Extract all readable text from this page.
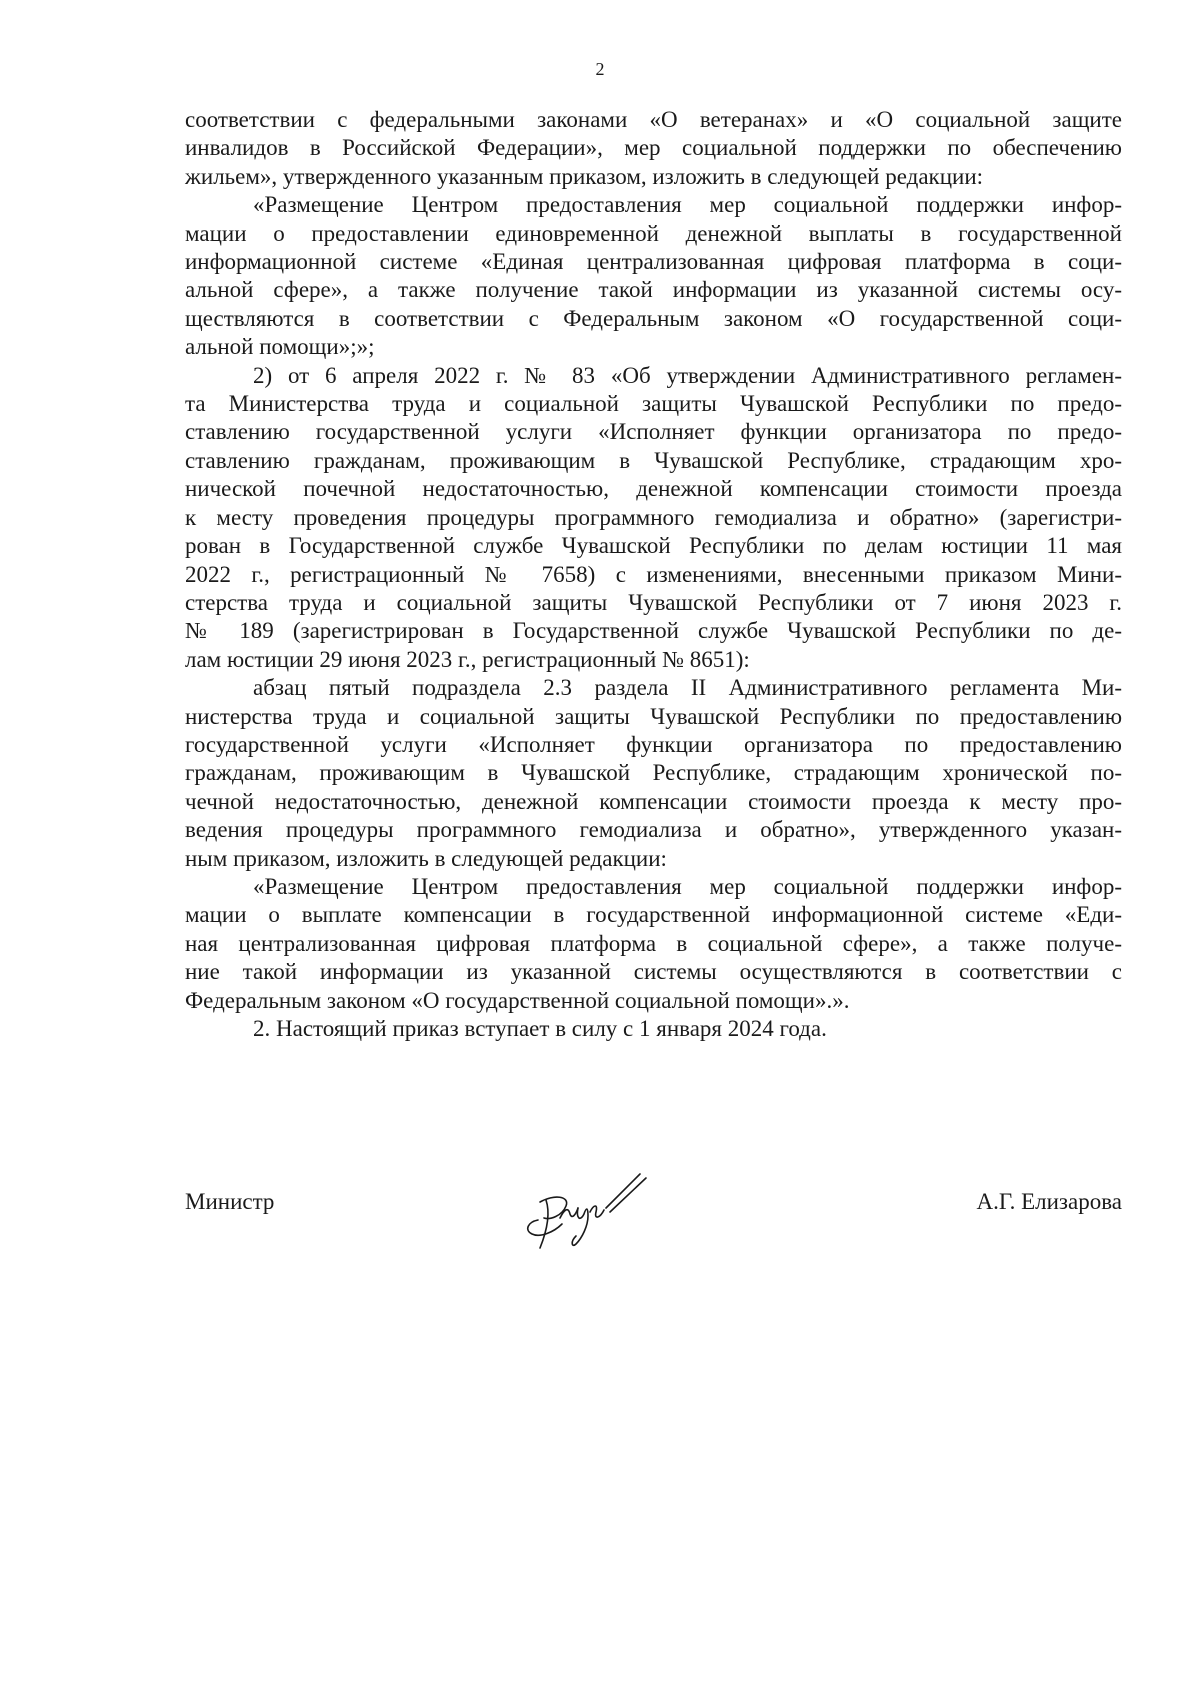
2
соответствии с федеральными законами «О ветеранах» и «О социальной защите
инвалидов в Российской Федерации», мер социальной поддержки по обеспечению
жильем», утвержденного указанным приказом, изложить в следующей редакции:
«Размещение Центром предоставления мер социальной поддержки инфор-
мации о предоставлении единовременной денежной выплаты в государственной
информационной системе «Единая централизованная цифровая платформа в соци-
альной сфере», а также получение такой информации из указанной системы осу-
ществляются в соответствии с Федеральным законом «О государственной соци-
альной помощи»;»;
2) от 6 апреля 2022 г. № 83 «Об утверждении Административного регламен-
та Министерства труда и социальной защиты Чувашской Республики по предо-
ставлению государственной услуги «Исполняет функции организатора по предо-
ставлению гражданам, проживающим в Чувашской Республике, страдающим хро-
нической почечной недостаточностью, денежной компенсации стоимости проезда
к месту проведения процедуры программного гемодиализа и обратно» (зарегистри-
рован в Государственной службе Чувашской Республики по делам юстиции 11 мая
2022 г., регистрационный № 7658) с изменениями, внесенными приказом Мини-
стерства труда и социальной защиты Чувашской Республики от 7 июня 2023 г.
№ 189 (зарегистрирован в Государственной службе Чувашской Республики по де-
лам юстиции 29 июня 2023 г., регистрационный № 8651):
абзац пятый подраздела 2.3 раздела II Административного регламента Ми-
нистерства труда и социальной защиты Чувашской Республики по предоставлению
государственной услуги «Исполняет функции организатора по предоставлению
гражданам, проживающим в Чувашской Республике, страдающим хронической по-
чечной недостаточностью, денежной компенсации стоимости проезда к месту про-
ведения процедуры программного гемодиализа и обратно», утвержденного указан-
ным приказом, изложить в следующей редакции:
«Размещение Центром предоставления мер социальной поддержки инфор-
мации о выплате компенсации в государственной информационной системе «Еди-
ная централизованная цифровая платформа в социальной сфере», а также получе-
ние такой информации из указанной системы осуществляются в соответствии с
Федеральным законом «О государственной социальной помощи».».
2. Настоящий приказ вступает в силу с 1 января 2024 года.
Министр	А.Г. Елизарова
